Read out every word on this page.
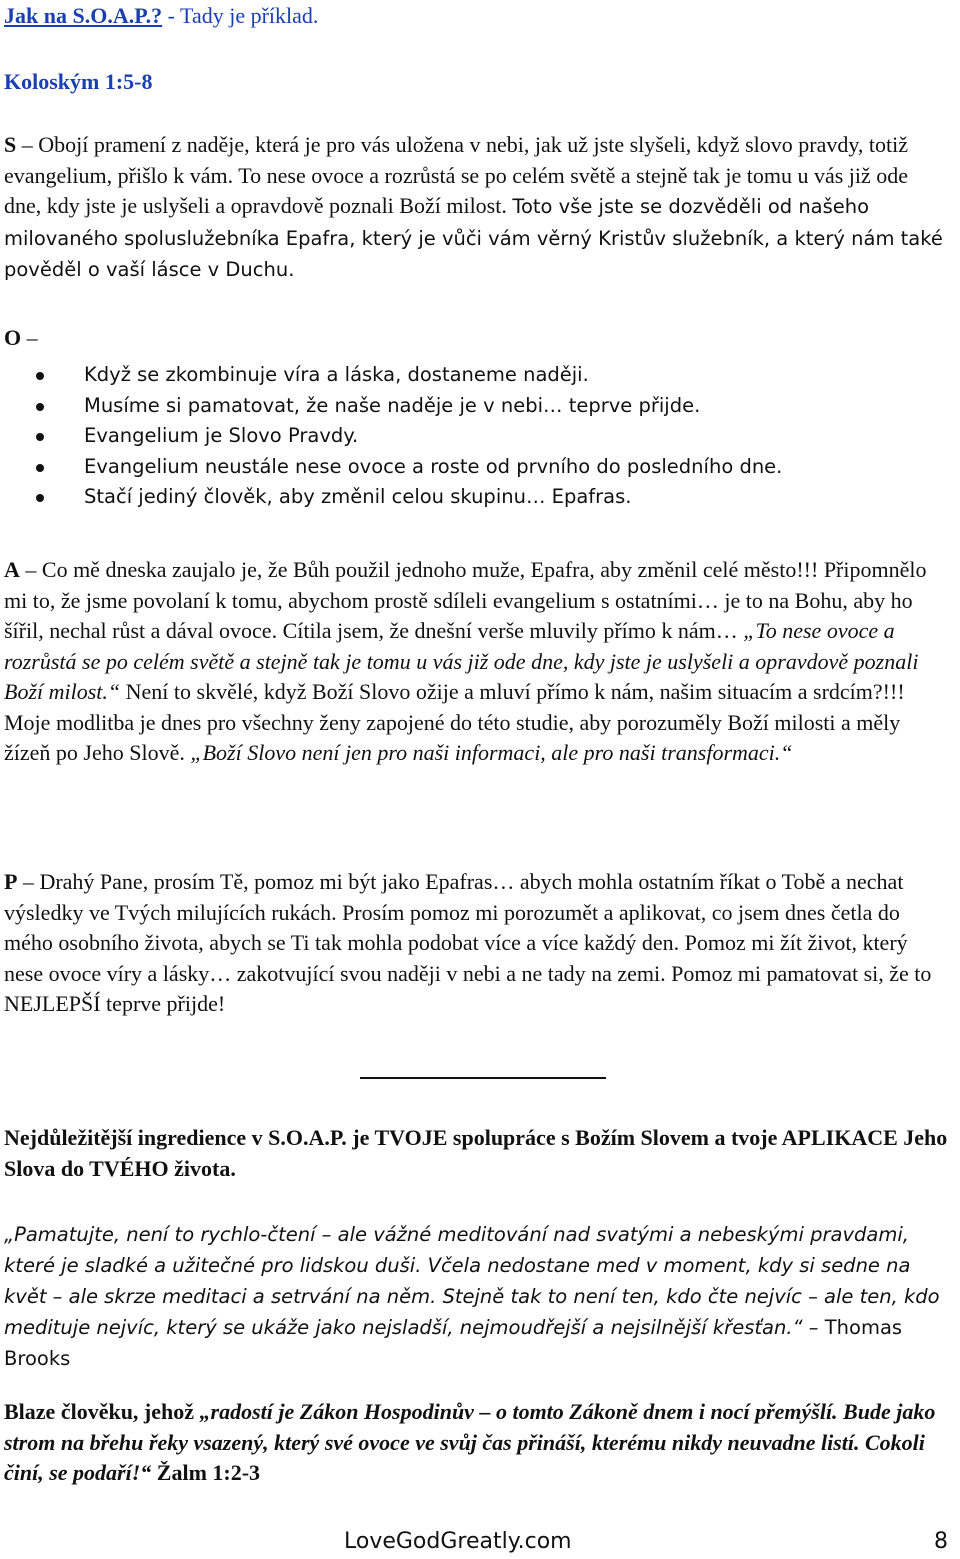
Jak na S.O.A.P.? - Tady je příklad.
Koloským 1:5-8
S – Obojí pramení z naděje, která je pro vás uložena v nebi, jak už jste slyšeli, když slovo pravdy, totiž evangelium, přišlo k vám. To nese ovoce a rozrůstá se po celém světě a stejně tak je tomu u vás již ode dne, kdy jste je uslyšeli a opravdově poznali Boží milost. Toto vše jste se dozvěděli od našeho milovaného spoluslužebníka Epafra, který je vůči vám věrný Kristův služebník, a který nám také pověděl o vaší lásce v Duchu.
O –
Když se zkombinuje víra a láska, dostaneme naději.
Musíme si pamatovat, že naše naděje je v nebi… teprve přijde.
Evangelium je Slovo Pravdy.
Evangelium neustále nese ovoce a roste od prvního do posledního dne.
Stačí jediný člověk, aby změnil celou skupinu… Epafras.
A – Co mě dneska zaujalo je, že Bůh použil jednoho muže, Epafra, aby změnil celé město!!! Připomnělo mi to, že jsme povolaní k tomu, abychom prostě sdíleli evangelium s ostatními… je to na Bohu, aby ho šířil, nechal růst a dával ovoce. Cítila jsem, že dnešní verše mluvily přímo k nám… „To nese ovoce a rozrůstá se po celém světě a stejně tak je tomu u vás již ode dne, kdy jste je uslyšeli a opravdově poznali Boží milost.“ Není to skvělé, když Boží Slovo ožije a mluví přímo k nám, našim situacím a srdcím?!!! Moje modlitba je dnes pro všechny ženy zapojené do této studie, aby porozuměly Boží milosti a měly žízeň po Jeho Slově. „Boží Slovo není jen pro naši informaci, ale pro naši transformaci.“
P – Drahý Pane, prosím Tě, pomoz mi být jako Epafras… abych mohla ostatním říkat o Tobě a nechat výsledky ve Tvých milujících rukách. Prosím pomoz mi porozumět a aplikovat, co jsem dnes četla do mého osobního života, abych se Ti tak mohla podobat více a více každý den. Pomoz mi žít život, který nese ovoce víry a lásky… zakotvující svou naději v nebi a ne tady na zemi. Pomoz mi pamatovat si, že to NEJLEPŠÍ teprve přijde!
Nejdůležitější ingredience v S.O.A.P. je TVOJE spolupráce s Božím Slovem a tvoje APLIKACE Jeho Slova do TVÉHO života.
„Pamatujte, není to rychlo-čtení – ale vážné meditování nad svatými a nebeskými pravdami, které je sladké a užitečné pro lidskou duši. Včela nedostane med v moment, kdy si sedne na květ – ale skrze meditaci a setrvání na něm. Stejně tak to není ten, kdo čte nejvíc – ale ten, kdo medituje nejvíc, který se ukáže jako nejsladší, nejmoudřejší a nejsilnější křesťan.“ – Thomas Brooks
Blaze člověku, jehož „radostí je Zákon Hospodinův – o tomto Zákoně dnem i nocí přemýšlí. Bude jako strom na břehu řeky vsazený, který své ovoce ve svůj čas přináší, kterému nikdy neuvadne listí. Cokoli činí, se podaří!“ Žalm 1:2-3
LoveGodGreatly.com	8
